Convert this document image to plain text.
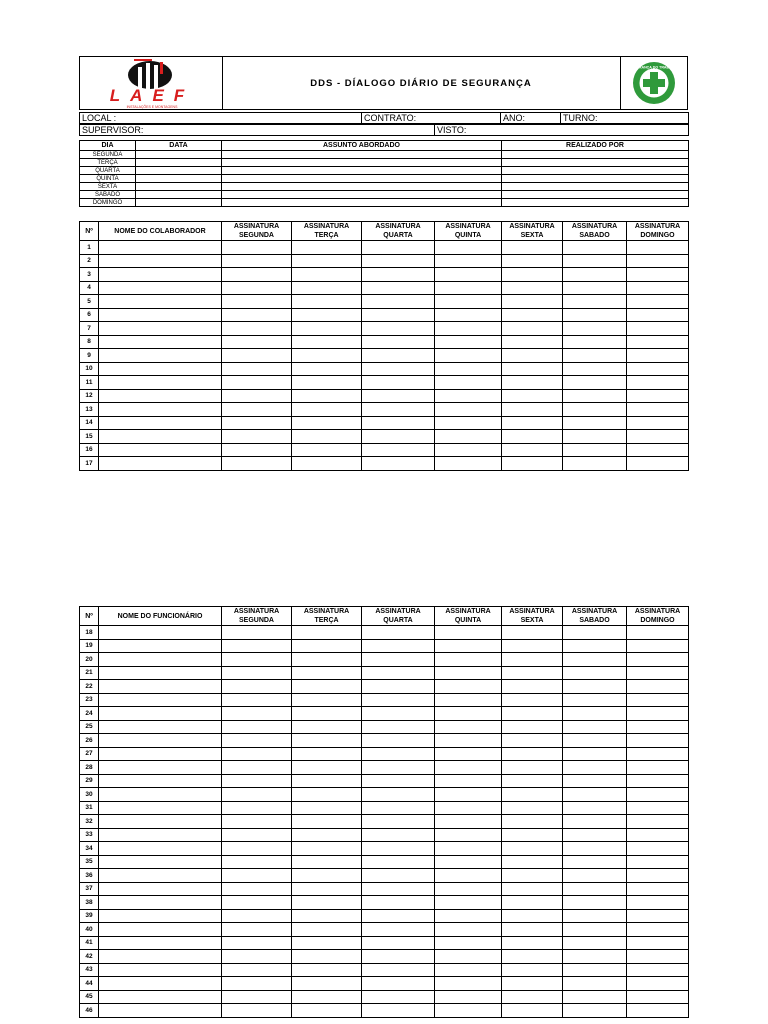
LAEF
INSTALAÇÕES E MONTAGENS
DDS - DÍALOGO DIÁRIO DE SEGURANÇA
SEGURANÇA DO TRABALHO
LOCAL :	CONTRATO:	ANO:	TURNO:
SUPERVISOR:	VISTO:
DIA	DATA	ASSUNTO ABORDADO	REALIZADO POR
SEGUNDA			
TERÇA			
QUARTA			
QUINTA			
SEXTA			
SABADO			
DOMINGO			
Nº	NOME DO COLABORADOR	ASSINATURA SEGUNDA	ASSINATURA TERÇA	ASSINATURA QUARTA	ASSINATURA QUINTA	ASSINATURA SEXTA	ASSINATURA SABADO	ASSINATURA DOMINGO
1								
2								
3								
4								
5								
6								
7								
8								
9								
10								
11								
12								
13								
14								
15								
16								
17								
Nº	NOME DO FUNCIONÁRIO	ASSINATURA SEGUNDA	ASSINATURA TERÇA	ASSINATURA QUARTA	ASSINATURA QUINTA	ASSINATURA SEXTA	ASSINATURA SABADO	ASSINATURA DOMINGO
18								
19								
20								
21								
22								
23								
24								
25								
26								
27								
28								
29								
30								
31								
32								
33								
34								
35								
36								
37								
38								
39								
40								
41								
42								
43								
44								
45								
46								
